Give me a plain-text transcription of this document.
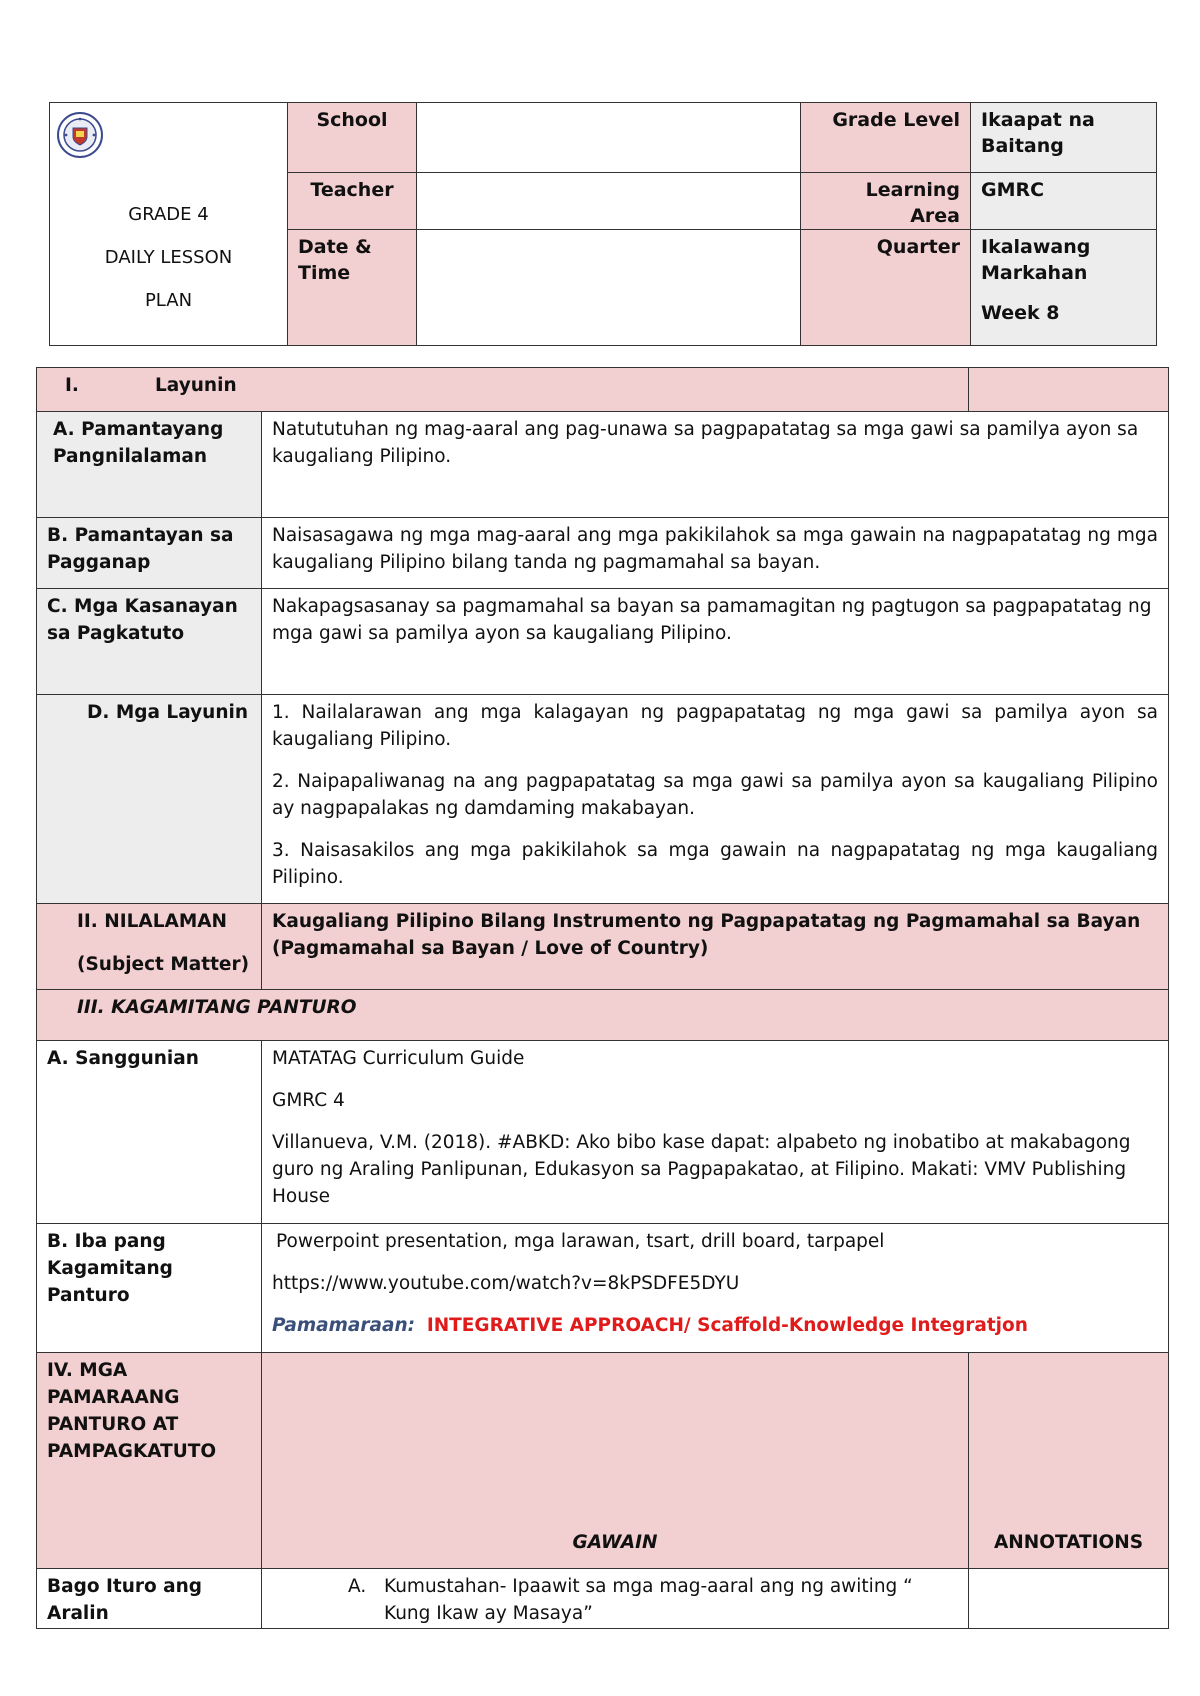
GRADE 4
DAILY LESSON
PLAN	School		Grade Level	Ikaapat na Baitang
	Teacher		Learning Area	GMRC
	Date & Time		Quarter	Ikalawang Markahan
Week 8
I. Layunin		
A. Pamantayang Pangnilalaman	Natututuhan ng mag-aaral ang pag-unawa sa pagpapatatag sa mga gawi sa pamilya ayon sa kaugaliang Pilipino.	
B. Pamantayan sa Pagganap	Naisasagawa ng mga mag-aaral ang mga pakikilahok sa mga gawain na nagpapatatag ng mga kaugaliang Pilipino bilang tanda ng pagmamahal sa bayan.	
C. Mga Kasanayan sa Pagkatuto	Nakapagsasanay sa pagmamahal sa bayan sa pamamagitan ng pagtugon sa pagpapatatag ng mga gawi sa pamilya ayon sa kaugaliang Pilipino.	
D. Mga Layunin	1. Nailalarawan ang mga kalagayan ng pagpapatatag ng mga gawi sa pamilya ayon sa kaugaliang Pilipino.

2. Naipapaliwanag na ang pagpapatatag sa mga gawi sa pamilya ayon sa kaugaliang Pilipino ay nagpapalakas ng damdaming makabayan.

3. Naisasakilos ang mga pakikilahok sa mga gawain na nagpapatatag ng mga kaugaliang Pilipino.	

II. NILALAMAN
(Subject Matter)	Kaugaliang Pilipino Bilang Instrumento ng Pagpapatatag ng Pagmamahal sa Bayan (Pagmamahal sa Bayan / Love of Country)	
III. KAGAMITANG PANTURO		
A. Sanggunian	MATATAG Curriculum Guide

GMRC 4

Villanueva, V.M. (2018). #ABKD: Ako bibo kase dapat: alpabeto ng inobatibo at makabagong guro ng Araling Panlipunan, Edukasyon sa Pagpapakatao, at Filipino. Makati: VMV Publishing House	

B. Iba pang Kagamitang Panturo	Powerpoint presentation, mga larawan, tsart, drill board, tarpapel

https://www.youtube.com/watch?v=8kPSDFE5DYU

Pamamaraan: INTEGRATIVE APPROACH/ Scaffold-Knowledge Integratjon	

IV. MGA PAMARAANG PANTURO AT PAMPAGKATUTO	GAWAIN	ANNOTATIONS
Bago Ituro ang Aralin	A. Kumustahan- Ipaawit sa mga mag-aaral ang ng awiting “ Kung Ikaw ay Masaya”	
